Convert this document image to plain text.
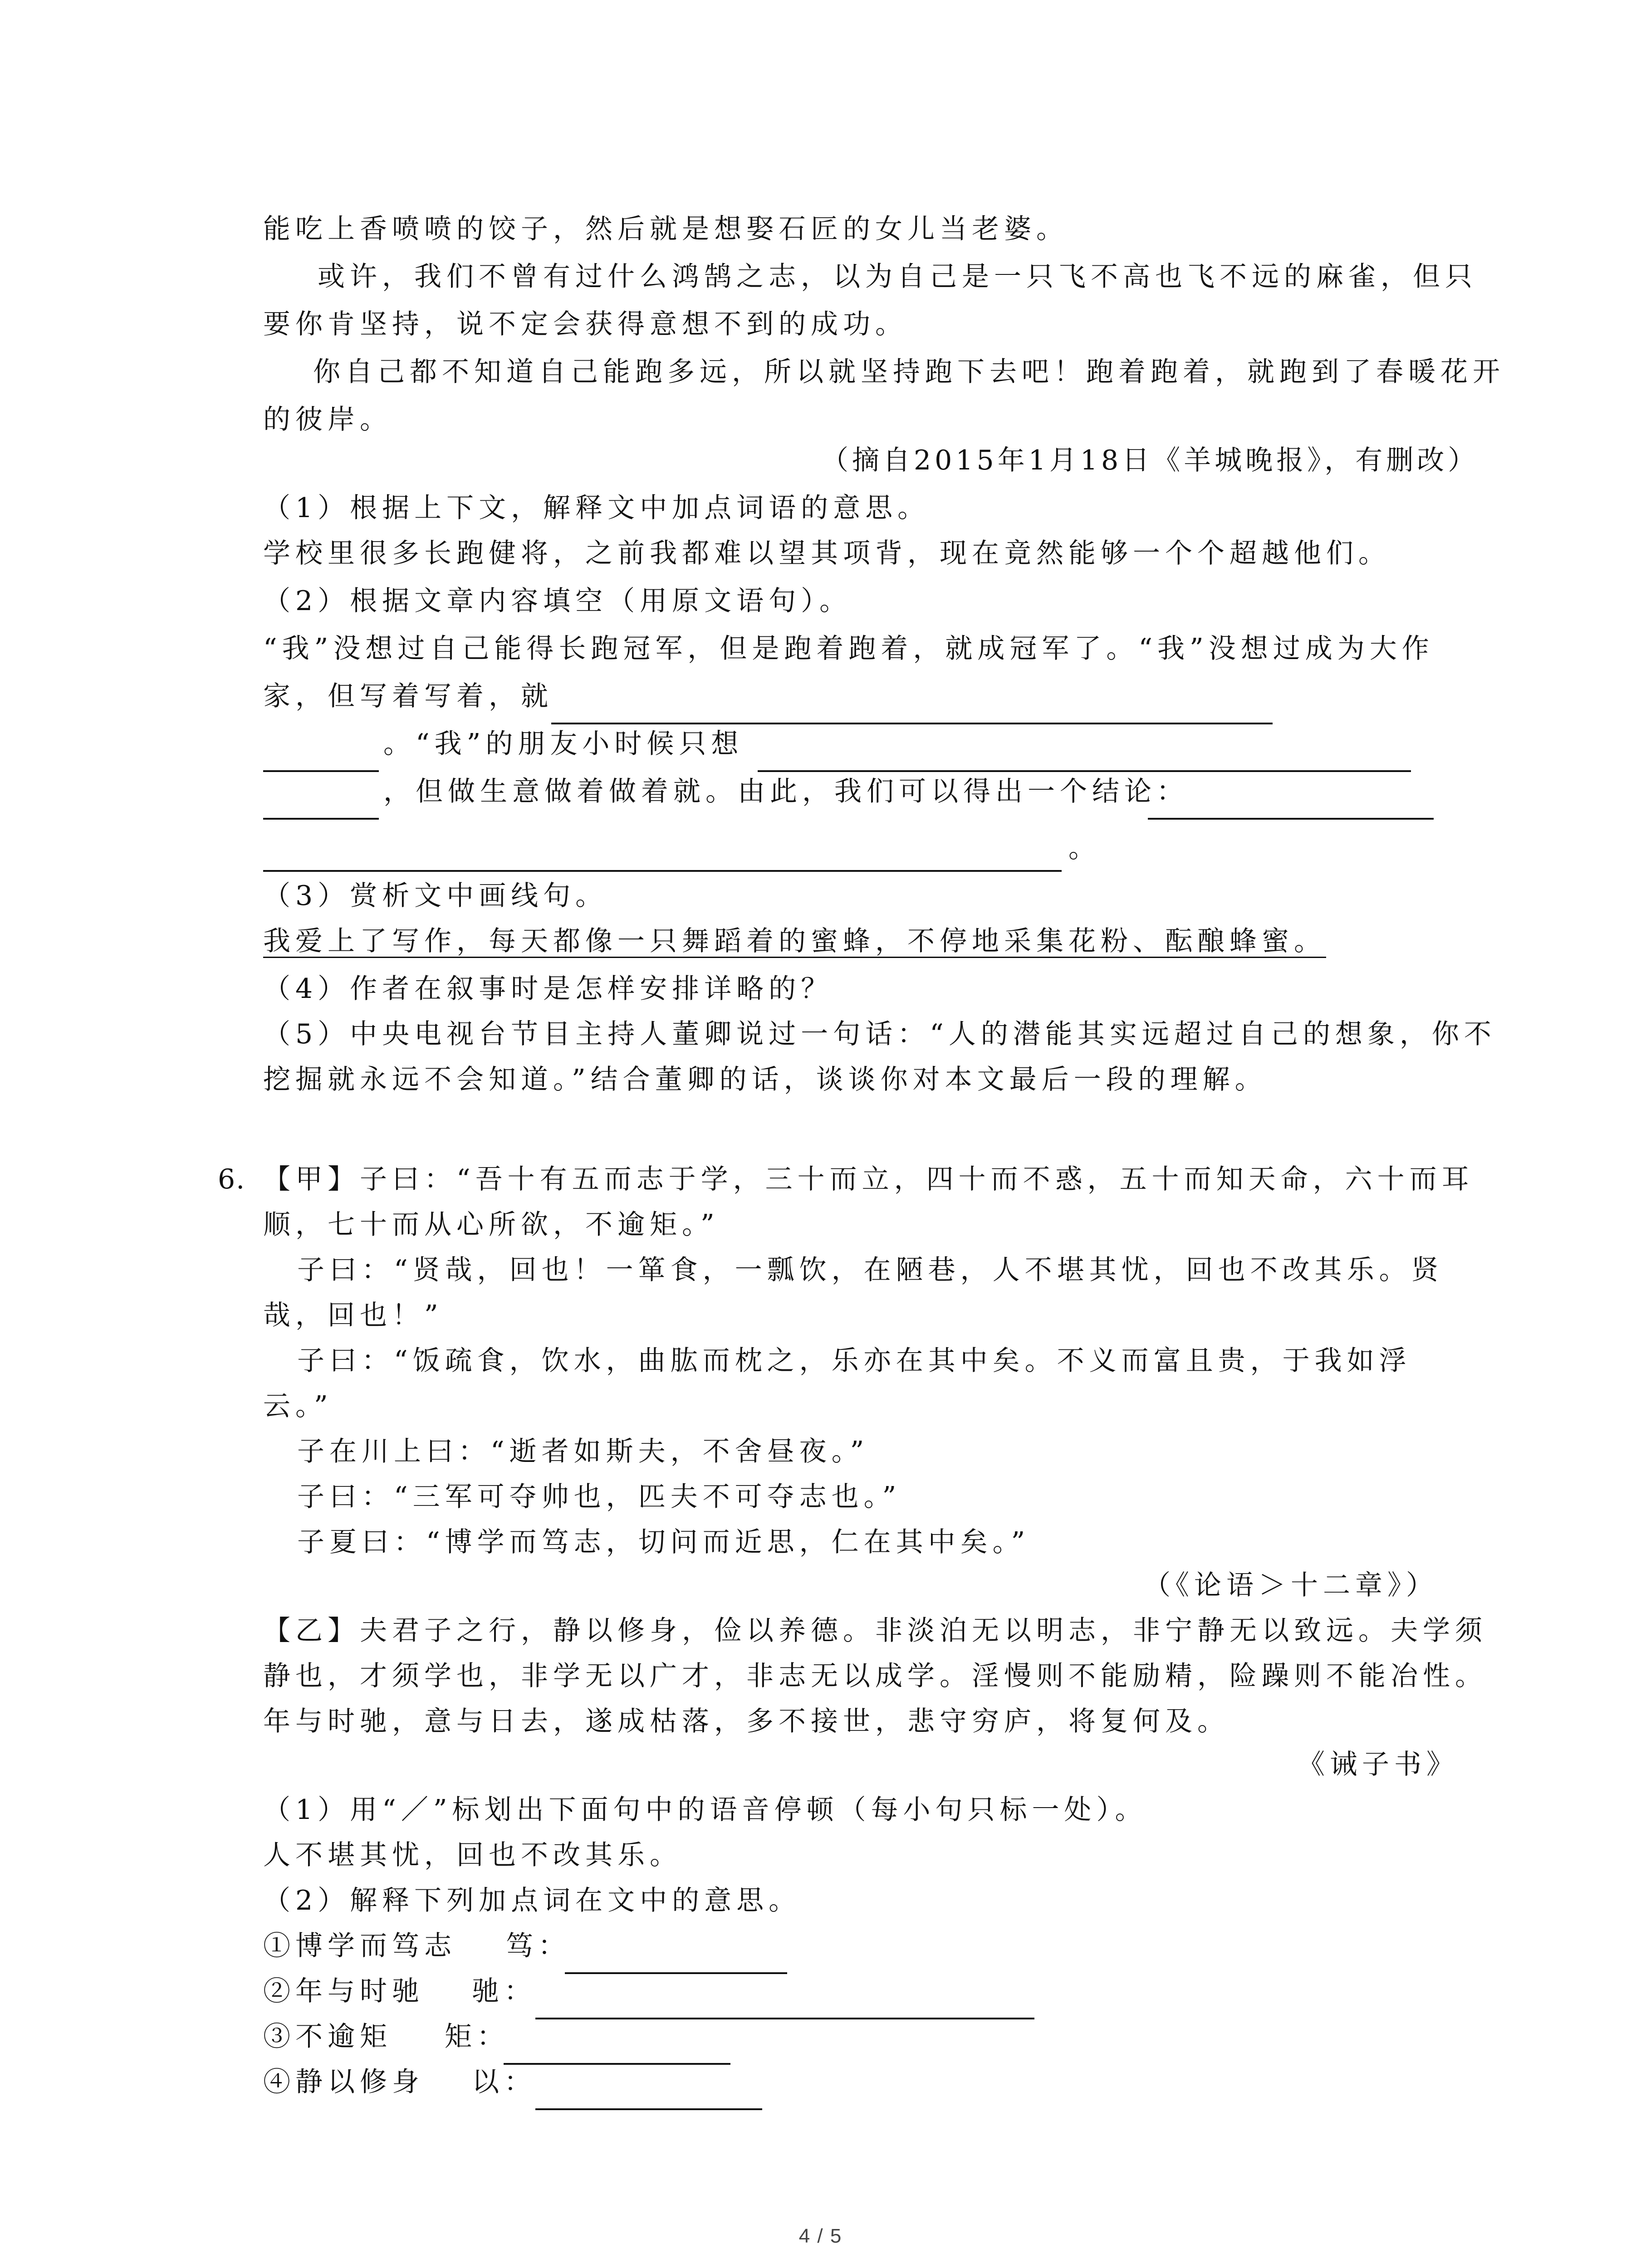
能吃上香喷喷的饺子，然后就是想娶石匠的女儿当老婆。

或许，我们不曾有过什么鸿鹄之志，以为自己是一只飞不高也飞不远的麻雀，但只

要你肯坚持，说不定会获得意想不到的成功。

你自己都不知道自己能跑多远，所以就坚持跑下去吧！跑着跑着，就跑到了春暖花开

的彼岸。

（摘自2015年1月18日《羊城晚报》，有删改）

（1）根据上下文，解释文中加点词语的意思。

学校里很多长跑健将，之前我都难以望其项背，现在竟然能够一个个超越他们。

（2）根据文章内容填空（用原文语句）。

“我”没想过自己能得长跑冠军，但是跑着跑着，就成冠军了。“我”没想过成为大作

家，但写着写着，就

。“我”的朋友小时候只想

，但做生意做着做着就。由此，我们可以得出一个结论：

。

（3）赏析文中画线句。

我爱上了写作，每天都像一只舞蹈着的蜜蜂，不停地采集花粉、酝酿蜂蜜。

（4）作者在叙事时是怎样安排详略的？

（5）中央电视台节目主持人董卿说过一句话：“人的潜能其实远超过自己的想象，你不

挖掘就永远不会知道。”结合董卿的话，谈谈你对本文最后一段的理解。

6. 【甲】子曰：“吾十有五而志于学，三十而立，四十而不惑，五十而知天命，六十而耳

顺，七十而从心所欲，不逾矩。”

子曰：“贤哉，回也！一箪食，一瓢饮，在陋巷，人不堪其忧，回也不改其乐。贤

哉，回也！”

子曰：“饭疏食，饮水，曲肱而枕之，乐亦在其中矣。不义而富且贵，于我如浮

云。”

子在川上曰：“逝者如斯夫，不舍昼夜。”

子曰：“三军可夺帅也，匹夫不可夺志也。”

子夏曰：“博学而笃志，切问而近思，仁在其中矣。”

（《论语＞十二章》）

【乙】夫君子之行，静以修身，俭以养德。非淡泊无以明志，非宁静无以致远。夫学须

静也，才须学也，非学无以广才，非志无以成学。淫慢则不能励精，险躁则不能冶性。

年与时驰，意与日去，遂成枯落，多不接世，悲守穷庐，将复何及。

《诫子书》

（1）用“／”标划出下面句中的语音停顿（每小句只标一处）。

人不堪其忧，回也不改其乐。

（2）解释下列加点词在文中的意思。

①博学而笃志 笃：

②年与时驰 驰：

③不逾矩 矩：

④静以修身 以：

4 / 5
